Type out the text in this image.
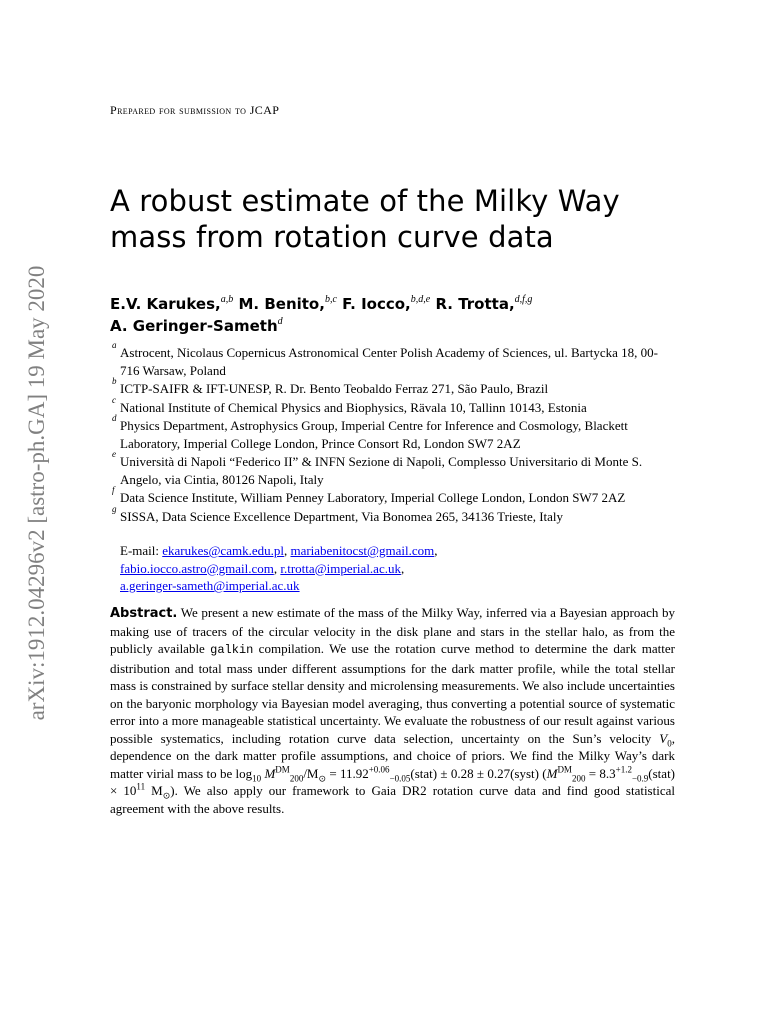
arXiv:1912.04296v2 [astro-ph.GA] 19 May 2020
Prepared for submission to JCAP
A robust estimate of the Milky Way
mass from rotation curve data
E.V. Karukes,$^{a,b}$ M. Benito,$^{b,c}$ F. Iocco,$^{b,d,e}$ R. Trotta,$^{d,f,g}$
A. Geringer-Sameth$^d$
a Astrocent, Nicolaus Copernicus Astronomical Center Polish Academy of Sciences, ul. Bartycka 18, 00-716 Warsaw, Poland
b ICTP-SAIFR & IFT-UNESP, R. Dr. Bento Teobaldo Ferraz 271, São Paulo, Brazil
c National Institute of Chemical Physics and Biophysics, Rävala 10, Tallinn 10143, Estonia
d Physics Department, Astrophysics Group, Imperial Centre for Inference and Cosmology, Blackett Laboratory, Imperial College London, Prince Consort Rd, London SW7 2AZ
e Università di Napoli “Federico II” & INFN Sezione di Napoli, Complesso Universitario di Monte S. Angelo, via Cintia, 80126 Napoli, Italy
f Data Science Institute, William Penney Laboratory, Imperial College London, London SW7 2AZ
g SISSA, Data Science Excellence Department, Via Bonomea 265, 34136 Trieste, Italy
E-mail: ekarukes@camk.edu.pl, mariabenitocst@gmail.com,
fabio.iocco.astro@gmail.com, r.trotta@imperial.ac.uk,
a.geringer-sameth@imperial.ac.uk

Abstract. We present a new estimate of the mass of the Milky Way, inferred via a Bayesian approach by making use of tracers of the circular velocity in the disk plane and stars in the stellar halo, as from the publicly available galkin compilation. We use the rotation curve method to determine the dark matter distribution and total mass under different assumptions for the dark matter profile, while the total stellar mass is constrained by surface stellar density and microlensing measurements. We also include uncertainties on the baryonic morphology via Bayesian model averaging, thus converting a potential source of systematic error into a more manageable statistical uncertainty. We evaluate the robustness of our result against various possible systematics, including rotation curve data selection, uncertainty on the Sun’s velocity $V_0$, dependence on the dark matter profile assumptions, and choice of priors. We find the Milky Way’s dark matter virial mass to be $\log_{10} M^{DM}_{200}/M_⊙$ = $11.92^{+0.06}_{-0.05}(stat) \pm 0.28$ ± 0.27(syst) ($M^{DM}_{200}$ = $8.3^{+1.2}_{-0.9}(stat) \times 10^{11}$ $M_⊙$). We also apply our framework to Gaia DR2 rotation curve data and find good statistical agreement with the above results.
